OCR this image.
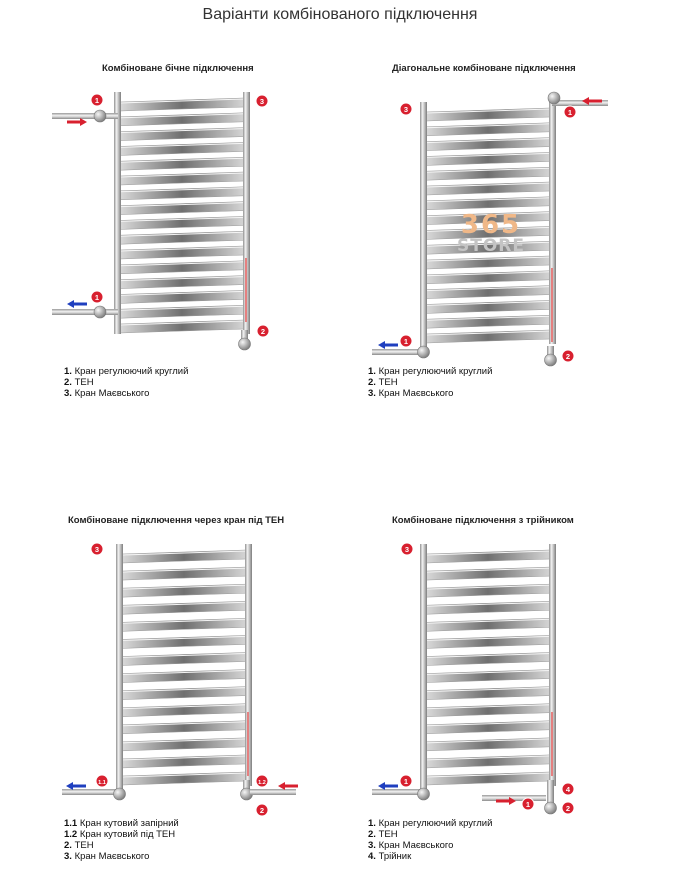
Варіанти комбінованого підключення
Комбіноване бічне підключення	Діагональне комбіноване підключення
Комбіноване підключення через кран під ТЕН	Комбіноване підключення з трійником
1	3
1
2
1
3
1
2
3
1.1	1.2
2
3
1
1
4
2
365
STORE
1. Кран регулюючий круглий
2. ТЕН
3. Кран Маєвського
1. Кран регулюючий круглий
2. ТЕН
3. Кран Маєвського
1.1 Кран кутовий запірний
1.2 Кран кутовий під ТЕН
2. ТЕН
3. Кран Маєвського
1. Кран регулюючий круглий
2. ТЕН
3. Кран Маєвського
4. Трійник
